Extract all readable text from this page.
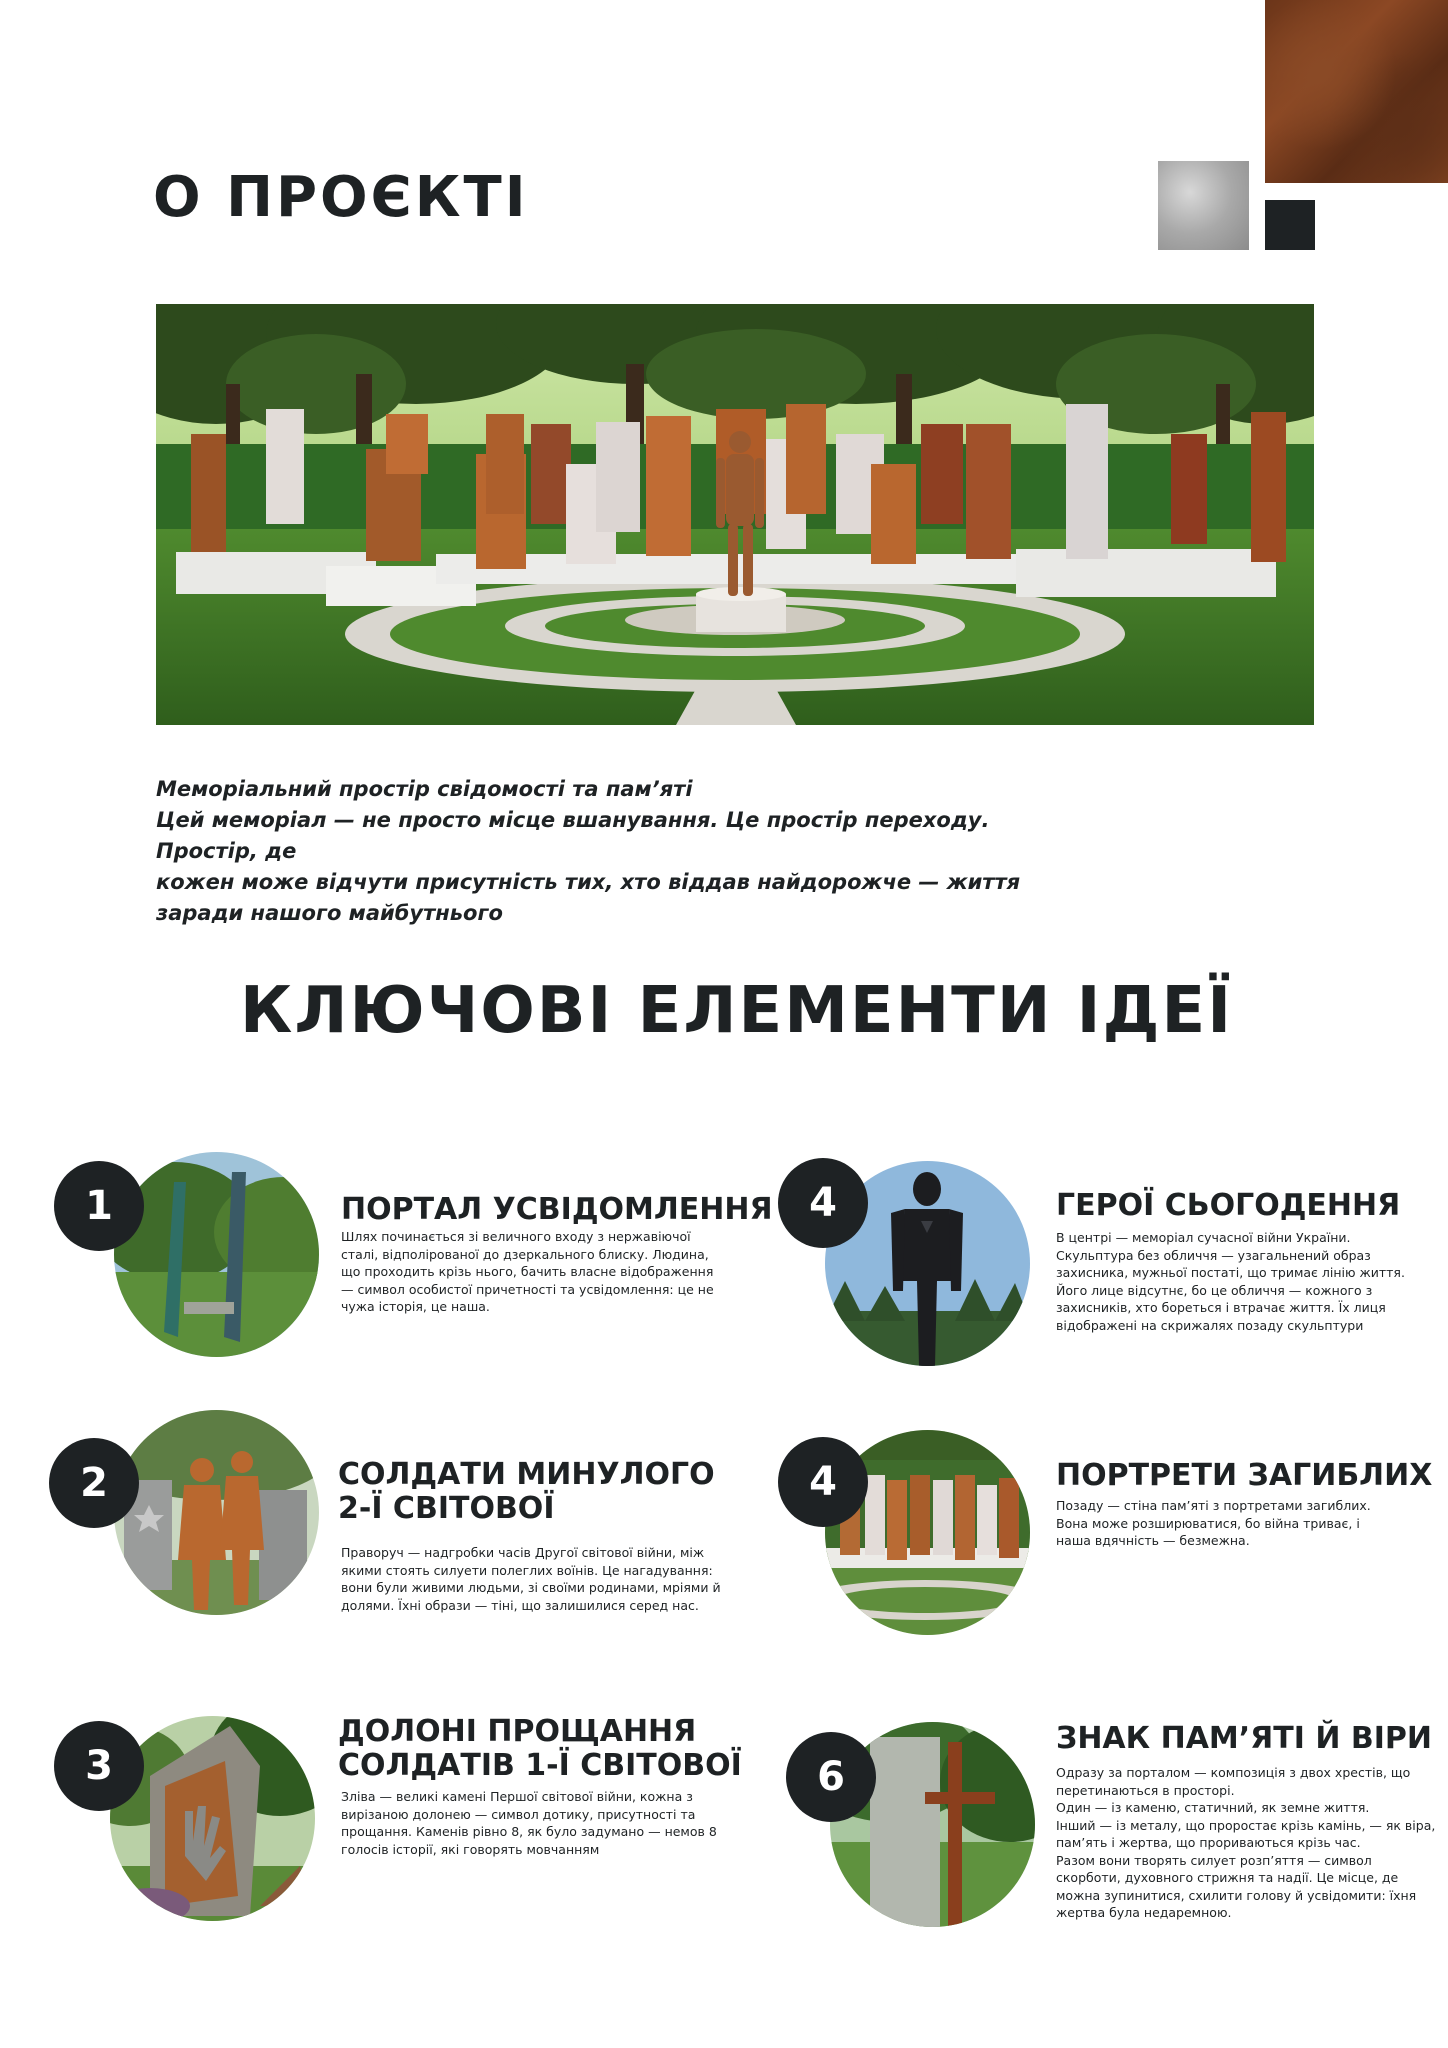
О ПРОЄКТІ

Меморіальний простір свідомості та пам’яті
Цей меморіал — не просто місце вшанування. Це простір переходу. Простір, де
кожен може відчути присутність тих, хто віддав найдорожче — життя
заради нашого майбутнього

КЛЮЧОВІ ЕЛЕМЕНТИ ІДЕЇ
1	ПОРТАЛ УСВІДОМЛЕННЯ

Шлях починається зі величного входу з нержавіючої
сталі, відполірованої до дзеркального блиску. Людина,
що проходить крізь нього, бачить власне відображення
— символ особистої причетності та усвідомлення: це не
чужа історія, це наша.

2	СОЛДАТИ МИНУЛОГО
2-Ї СВІТОВОЇ

Праворуч — надгробки часів Другої світової війни, між
якими стоять силуети полеглих воїнів. Це нагадування:
вони були живими людьми, зі своїми родинами, мріями й
долями. Їхні образи — тіні, що залишилися серед нас.

3
ДОЛОНІ ПРОЩАННЯ
СОЛДАТІВ 1-Ї СВІТОВОЇ

Зліва — великі камені Першої світової війни, кожна з
вирізаною долонею — символ дотику, присутності та
прощання. Каменів рівно 8, як було задумано — немов 8
голосів історії, які говорять мовчанням

4	ГЕРОЇ СЬОГОДЕННЯ

В центрі — меморіал сучасної війни України.
Скульптура без обличчя — узагальнений образ
захисника, мужньої постаті, що тримає лінію життя.
Його лице відсутнє, бо це обличчя — кожного з
захисників, хто бореться і втрачає життя. Їх лиця
відображені на скрижалях позаду скульптури

4	ПОРТРЕТИ ЗАГИБЛИХ

Позаду — стіна пам’яті з портретами загиблих.
Вона може розширюватися, бо війна триває, і
наша вдячність — безмежна.

6
ЗНАК ПАМ’ЯТІ Й ВІРИ

Одразу за порталом — композиція з двох хрестів, що
перетинаються в просторі.
Один — із каменю, статичний, як земне життя.
Інший — із металу, що проростає крізь камінь, — як віра,
пам’ять і жертва, що прориваються крізь час.
Разом вони творять силует розп’яття — символ
скорботи, духовного стрижня та надії. Це місце, де
можна зупинитися, схилити голову й усвідомити: їхня
жертва була недаремною.
